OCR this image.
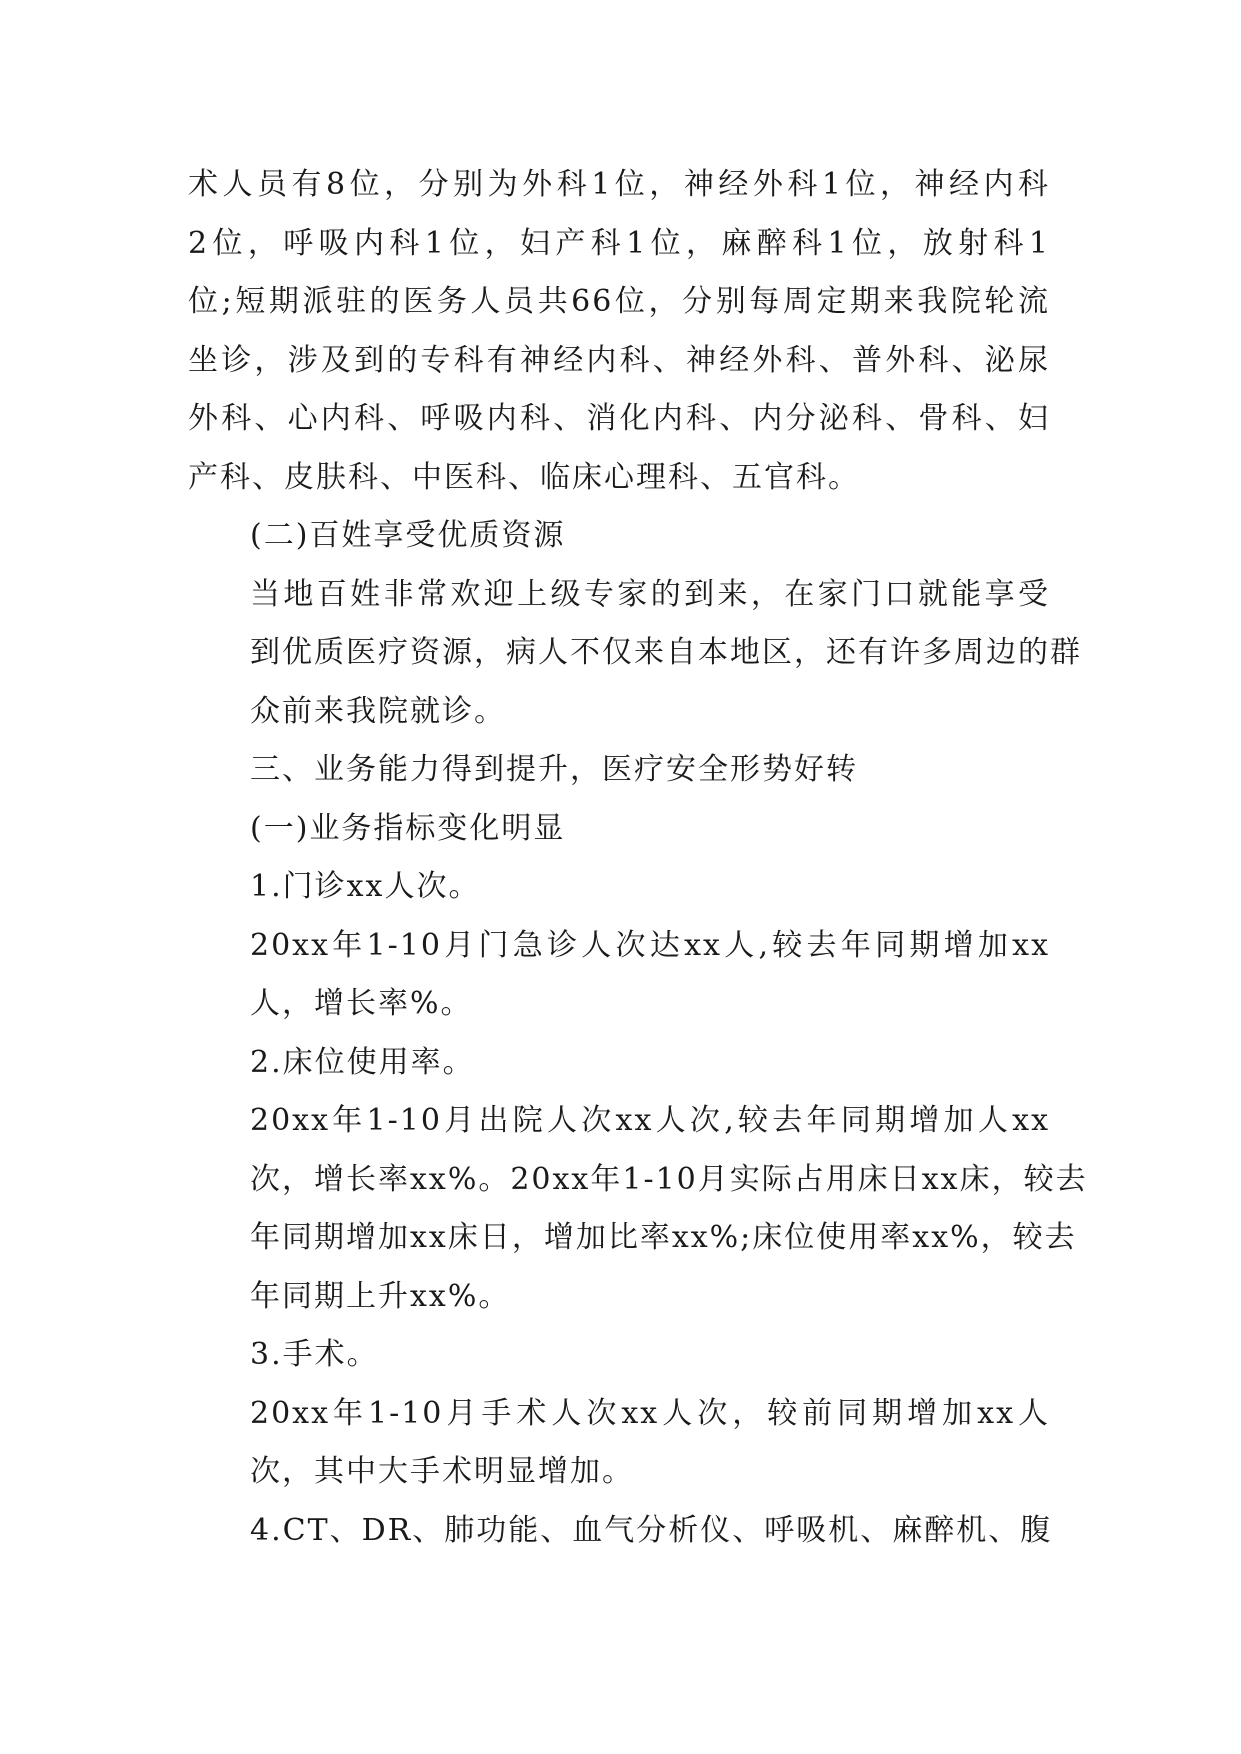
术人员有8位，分别为外科1位，神经外科1位，神经内科
2位，呼吸内科1位，妇产科1位，麻醉科1位，放射科1
位;短期派驻的医务人员共66位，分别每周定期来我院轮流
坐诊，涉及到的专科有神经内科、神经外科、普外科、泌尿
外科、心内科、呼吸内科、消化内科、内分泌科、骨科、妇
产科、皮肤科、中医科、临床心理科、五官科。

(二)百姓享受优质资源

当地百姓非常欢迎上级专家的到来，在家门口就能享受
到优质医疗资源，病人不仅来自本地区，还有许多周边的群
众前来我院就诊。

三、业务能力得到提升，医疗安全形势好转

(一)业务指标变化明显

1.门诊xx人次。

20xx年1-10月门急诊人次达xx人,较去年同期增加xx
人，增长率%。

2.床位使用率。

20xx年1-10月出院人次xx人次,较去年同期增加人xx
次，增长率xx%。20xx年1-10月实际占用床日xx床，较去
年同期增加xx床日，增加比率xx%;床位使用率xx%，较去
年同期上升xx%。

3.手术。

20xx年1-10月手术人次xx人次，较前同期增加xx人
次，其中大手术明显增加。

4.CT、DR、肺功能、血气分析仪、呼吸机、麻醉机、腹
